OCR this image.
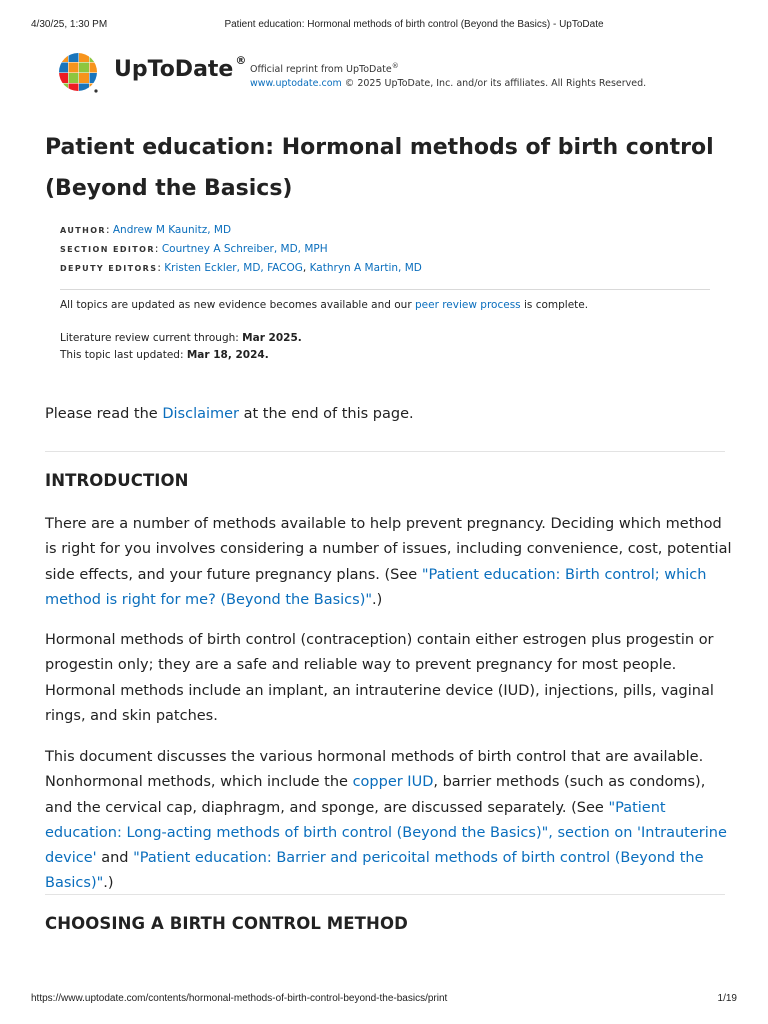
4/30/25, 1:30 PM	Patient education: Hormonal methods of birth control (Beyond the Basics) - UpToDate
UpToDate ®
Official reprint from UpToDate®
www.uptodate.com © 2025 UpToDate, Inc. and/or its affiliates. All Rights Reserved.
Patient education: Hormonal methods of birth control (Beyond the Basics)
AUTHOR: Andrew M Kaunitz, MD
SECTION EDITOR: Courtney A Schreiber, MD, MPH
DEPUTY EDITORS: Kristen Eckler, MD, FACOG, Kathryn A Martin, MD
All topics are updated as new evidence becomes available and our peer review process is complete.
Literature review current through: Mar 2025.
This topic last updated: Mar 18, 2024.
Please read the Disclaimer at the end of this page.
INTRODUCTION

There are a number of methods available to help prevent pregnancy. Deciding which method is right for you involves considering a number of issues, including convenience, cost, potential side effects, and your future pregnancy plans. (See "Patient education: Birth control; which method is right for me? (Beyond the Basics)".)

Hormonal methods of birth control (contraception) contain either estrogen plus progestin or progestin only; they are a safe and reliable way to prevent pregnancy for most people. Hormonal methods include an implant, an intrauterine device (IUD), injections, pills, vaginal rings, and skin patches.

This document discusses the various hormonal methods of birth control that are available. Nonhormonal methods, which include the copper IUD, barrier methods (such as condoms), and the cervical cap, diaphragm, and sponge, are discussed separately. (See "Patient education: Long-acting methods of birth control (Beyond the Basics)", section on 'Intrauterine device' and "Patient education: Barrier and pericoital methods of birth control (Beyond the Basics)".)

CHOOSING A BIRTH CONTROL METHOD
https://www.uptodate.com/contents/hormonal-methods-of-birth-control-beyond-the-basics/print	1/19
